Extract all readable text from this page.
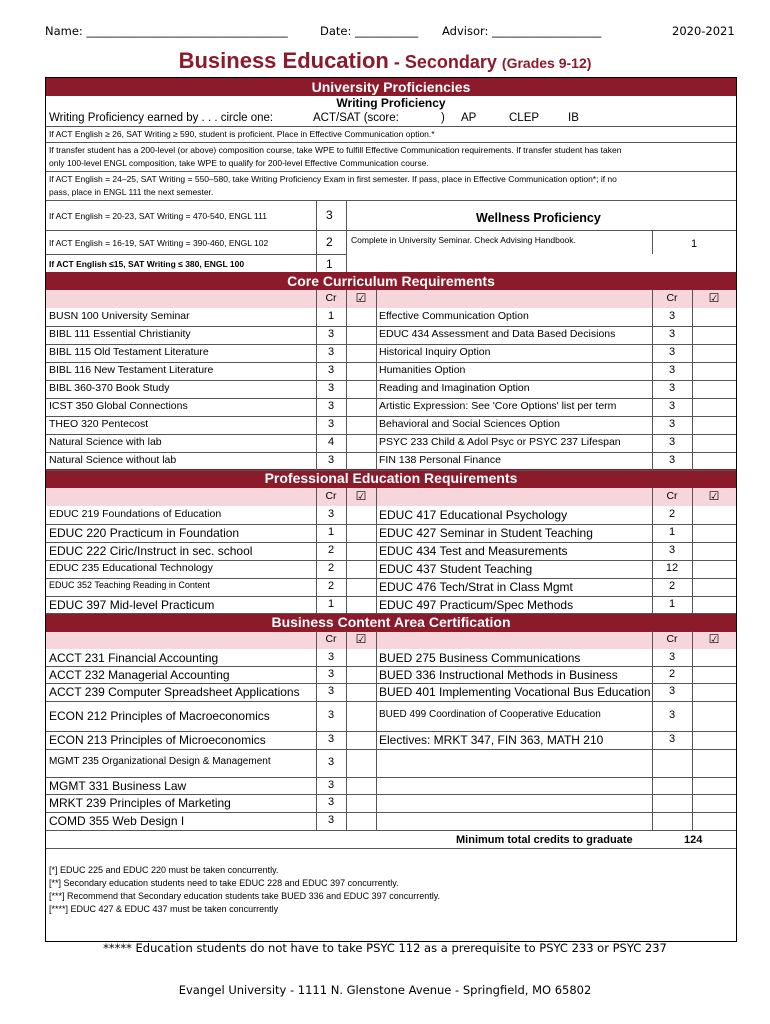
Name: ___________________________________	Date: ___________ Advisor: ___________________	2020-2021
Business Education - Secondary (Grades 9-12)
University Proficiencies
Writing Proficiency
Writing Proficiency earned by . . . circle one:	ACT/SAT (score:	) AP	CLEP	IB
If ACT English ≥ 26, SAT Writing ≥ 590, student is proficient. Place in Effective Communication option.*
If transfer student has a 200-level (or above) composition course, take WPE to fulfill Effective Communication requirements. If transfer student has taken
only 100-level ENGL composition, take WPE to qualify for 200-level Effective Communication course.
If ACT English = 24–25, SAT Writing = 550–580, take Writing Proficiency Exam in first semester. If pass, place in Effective Communication option*; if no
pass, place in ENGL 111 the next semester.
If ACT English = 20-23, SAT Writing = 470-540, ENGL 111	3
If ACT English = 16-19, SAT Writing = 390-460, ENGL 102	2
If ACT English ≤15, SAT Writing ≤ 380, ENGL 100	1
Wellness Proficiency
Complete in University Seminar. Check Advising Handbook.	1
Core Curriculum Requirements
Professional Education Requirements
Business Content Area Certification
Minimum total credits to graduate	124
[*] EDUC 225 and EDUC 220 must be taken concurrently.
[**] Secondary education students need to take EDUC 228 and EDUC 397 concurrently.
[***] Recommend that Secondary education students take BUED 336 and EDUC 397 concurrently.
[****] EDUC 427 & EDUC 437 must be taken concurrently
Cr	☑	Cr	☑
BUSN 100 University Seminar	1	Effective Communication Option	3
BIBL 111 Essential Christianity	3	EDUC 434 Assessment and Data Based Decisions	3
BIBL 115 Old Testament Literature	3	Historical Inquiry Option	3
BIBL 116 New Testament Literature	3	Humanities Option	3
BIBL 360-370 Book Study	3	Reading and Imagination Option	3
ICST 350 Global Connections	3	Artistic Expression: See 'Core Options' list per term	3
THEO 320 Pentecost	3	Behavioral and Social Sciences Option	3
Natural Science with lab	4	PSYC 233 Child & Adol Psyc or PSYC 237 Lifespan	3
Natural Science without lab	3	FIN 138 Personal Finance	3
Cr	☑	Cr	☑
EDUC 219 Foundations of Education	3	EDUC 417 Educational Psychology	2
EDUC 220 Practicum in Foundation	1	EDUC 427 Seminar in Student Teaching	1
EDUC 222 Ciric/Instruct in sec. school	2	EDUC 434 Test and Measurements	3
EDUC 235 Educational Technology	2	EDUC 437 Student Teaching	12
EDUC 352 Teaching Reading in Content	2	EDUC 476 Tech/Strat in Class Mgmt	2
EDUC 397 Mid-level Practicum	1	EDUC 497 Practicum/Spec Methods	1
Cr	☑	Cr	☑
ACCT 231 Financial Accounting	3	BUED 275 Business Communications	3
ACCT 232 Managerial Accounting	3	BUED 336 Instructional Methods in Business	2
ACCT 239 Computer Spreadsheet Applications	3	BUED 401 Implementing Vocational Bus Education	3
ECON 212 Principles of Macroeconomics	3	BUED 499 Coordination of Cooperative Education	3
ECON 213 Principles of Microeconomics	3	Electives: MRKT 347, FIN 363, MATH 210	3
MGMT 235 Organizational Design & Management	3
MGMT 331 Business Law	3
MRKT 239 Principles of Marketing	3
COMD 355 Web Design I	3
***** Education students do not have to take PSYC 112 as a prerequisite to PSYC 233 or PSYC 237
Evangel University - 1111 N. Glenstone Avenue - Springfield, MO 65802
